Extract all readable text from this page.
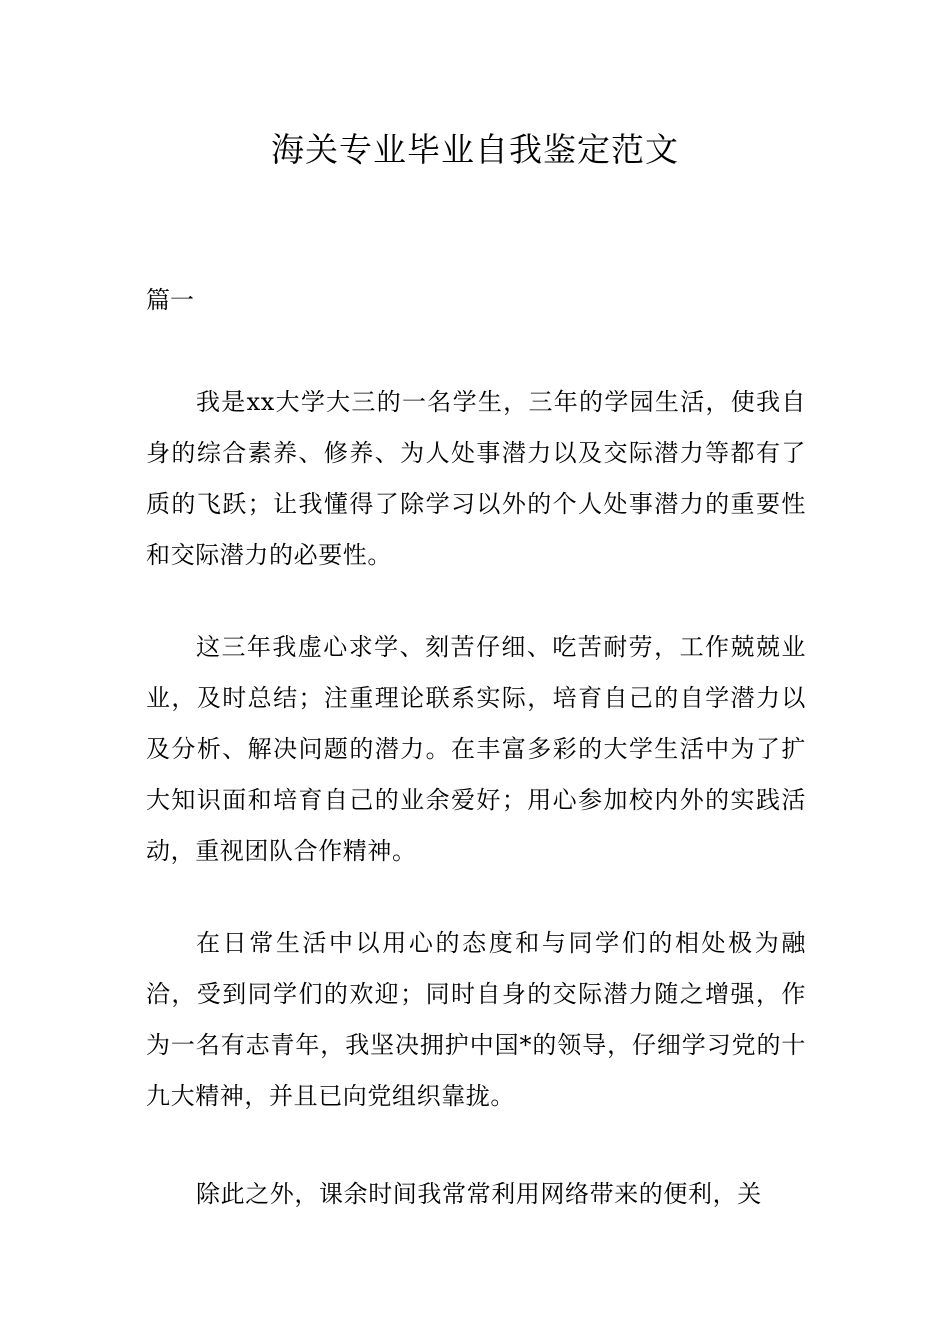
海关专业毕业自我鉴定范文

篇一

我是xx大学大三的一名学生，三年的学园生活，使我自身的综合素养、修养、为人处事潜力以及交际潜力等都有了质的飞跃；让我懂得了除学习以外的个人处事潜力的重要性和交际潜力的必要性。

这三年我虚心求学、刻苦仔细、吃苦耐劳，工作兢兢业业，及时总结；注重理论联系实际，培育自己的自学潜力以及分析、解决问题的潜力。在丰富多彩的大学生活中为了扩大知识面和培育自己的业余爱好；用心参加校内外的实践活动，重视团队合作精神。

在日常生活中以用心的态度和与同学们的相处极为融洽，受到同学们的欢迎；同时自身的交际潜力随之增强，作为一名有志青年，我坚决拥护中国*的领导，仔细学习党的十九大精神，并且已向党组织靠拢。

除此之外，课余时间我常常利用网络带来的便利，关
